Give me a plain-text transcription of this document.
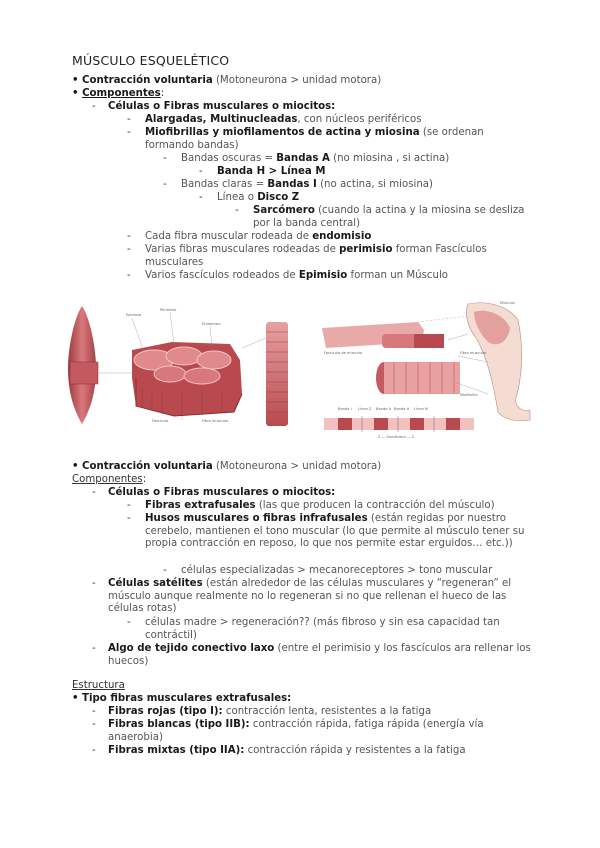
MÚSCULO ESQUELÉTICO
• Contracción voluntaria (Motoneurona > unidad motora)
• Componentes:
- Células o Fibras musculares o miocitos:
- Alargadas, Multinucleadas, con núcleos periféricos
- Miofibrillas y miofilamentos de actina y miosina (se ordenan formando bandas)
- Bandas oscuras = Bandas A (no miosina , si actina)
- Banda H > Línea M
- Bandas claras = Bandas I (no actina, si miosina)
- Línea o Disco Z
- Sarcómero (cuando la actina y la miosina se desliza por la banda central)
- Cada fibra muscular rodeada de endomisio
- Varias fibras musculares rodeadas de perimisio forman Fascículos musculares
- Varios fascículos rodeados de Epimisio forman un Músculo
Epimisio
Perimisio
Endomisio
Fascículo	Fibra muscular
Músculo
Fascículo de músculo	Fibra muscular
Miofibrilla
Banda I Línea Z Banda A Banda H Línea M
Z — Sarcómero — Z
• Contracción voluntaria (Motoneurona > unidad motora)
Componentes:
- Células o Fibras musculares o miocitos:
- Fibras extrafusales (las que producen la contracción del músculo)
- Husos musculares o fibras infrafusales (están regidas por nuestro cerebelo, mantienen el tono muscular (lo que permite al músculo tener su propia contracción en reposo, lo que nos permite estar erguidos… etc.))
- células especializadas > mecanoreceptores > tono muscular
- Células satélites (están alrededor de las células musculares y “regeneran” el músculo aunque realmente no lo regeneran si no que rellenan el hueco de las células rotas)
- células madre > regeneración?? (más fibroso y sin esa capacidad tan contráctil)
- Algo de tejido conectivo laxo (entre el perimisio y los fascículos ara rellenar los huecos)
Estructura
• Tipo fibras musculares extrafusales:
- Fibras rojas (tipo I): contracción lenta, resistentes a la fatiga
- Fibras blancas (tipo IIB): contracción rápida, fatiga rápida (energía vía anaerobia)
- Fibras mixtas (tipo IIA): contracción rápida y resistentes a la fatiga
